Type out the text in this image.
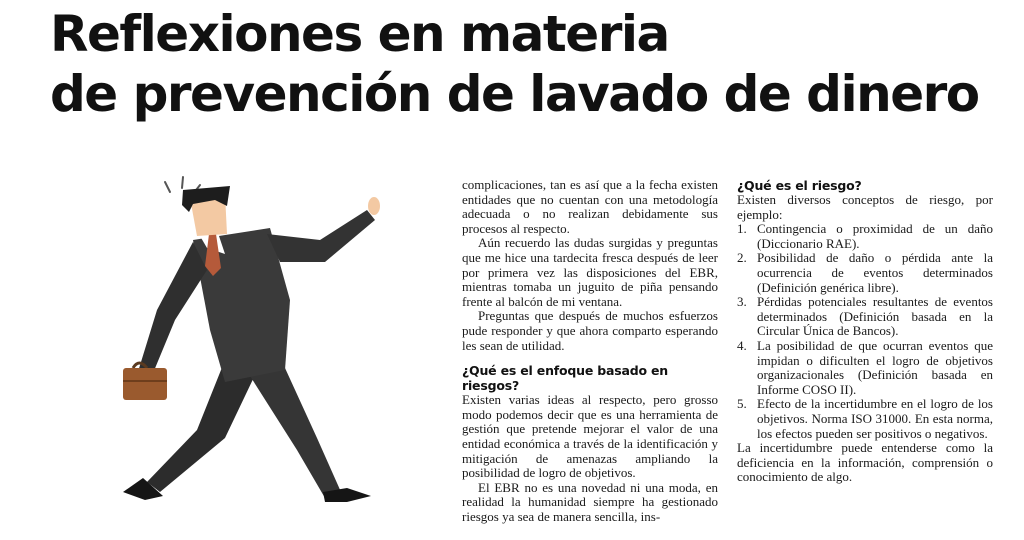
Reflexiones en materia
de prevención de lavado de dinero

complicaciones, tan es así que a la fecha existen entidades que no cuentan con una metodología adecuada o no realizan debidamente sus procesos al respecto.

Aún recuerdo las dudas surgidas y preguntas que me hice una tardecita fresca después de leer por primera vez las disposiciones del EBR, mientras tomaba un juguito de piña pensando frente al balcón de mi ventana.

Preguntas que después de muchos esfuerzos pude responder y que ahora comparto esperando les sean de utilidad.

¿Qué es el enfoque basado en riesgos?

Existen varias ideas al respecto, pero grosso modo podemos decir que es una herramienta de gestión que pretende mejorar el valor de una entidad económica a través de la identificación y mitigación de amenazas ampliando la posibilidad de logro de objetivos.

El EBR no es una novedad ni una moda, en realidad la humanidad siempre ha gestionado riesgos ya sea de manera sencilla, ins-

¿Qué es el riesgo?

Existen diversos conceptos de riesgo, por ejemplo:

1. Contingencia o proximidad de un daño (Diccionario RAE).
2. Posibilidad de daño o pérdida ante la ocurrencia de eventos determinados (Definición genérica libre).
3. Pérdidas potenciales resultantes de eventos determinados (Definición basada en la Circular Única de Bancos).
4. La posibilidad de que ocurran eventos que impidan o dificulten el logro de objetivos organizacionales (Definición basada en Informe COSO II).
5. Efecto de la incertidumbre en el logro de los objetivos. Norma ISO 31000. En esta norma, los efectos pueden ser positivos o negativos.

La incertidumbre puede entenderse como la deficiencia en la información, comprensión o conocimiento de algo.
